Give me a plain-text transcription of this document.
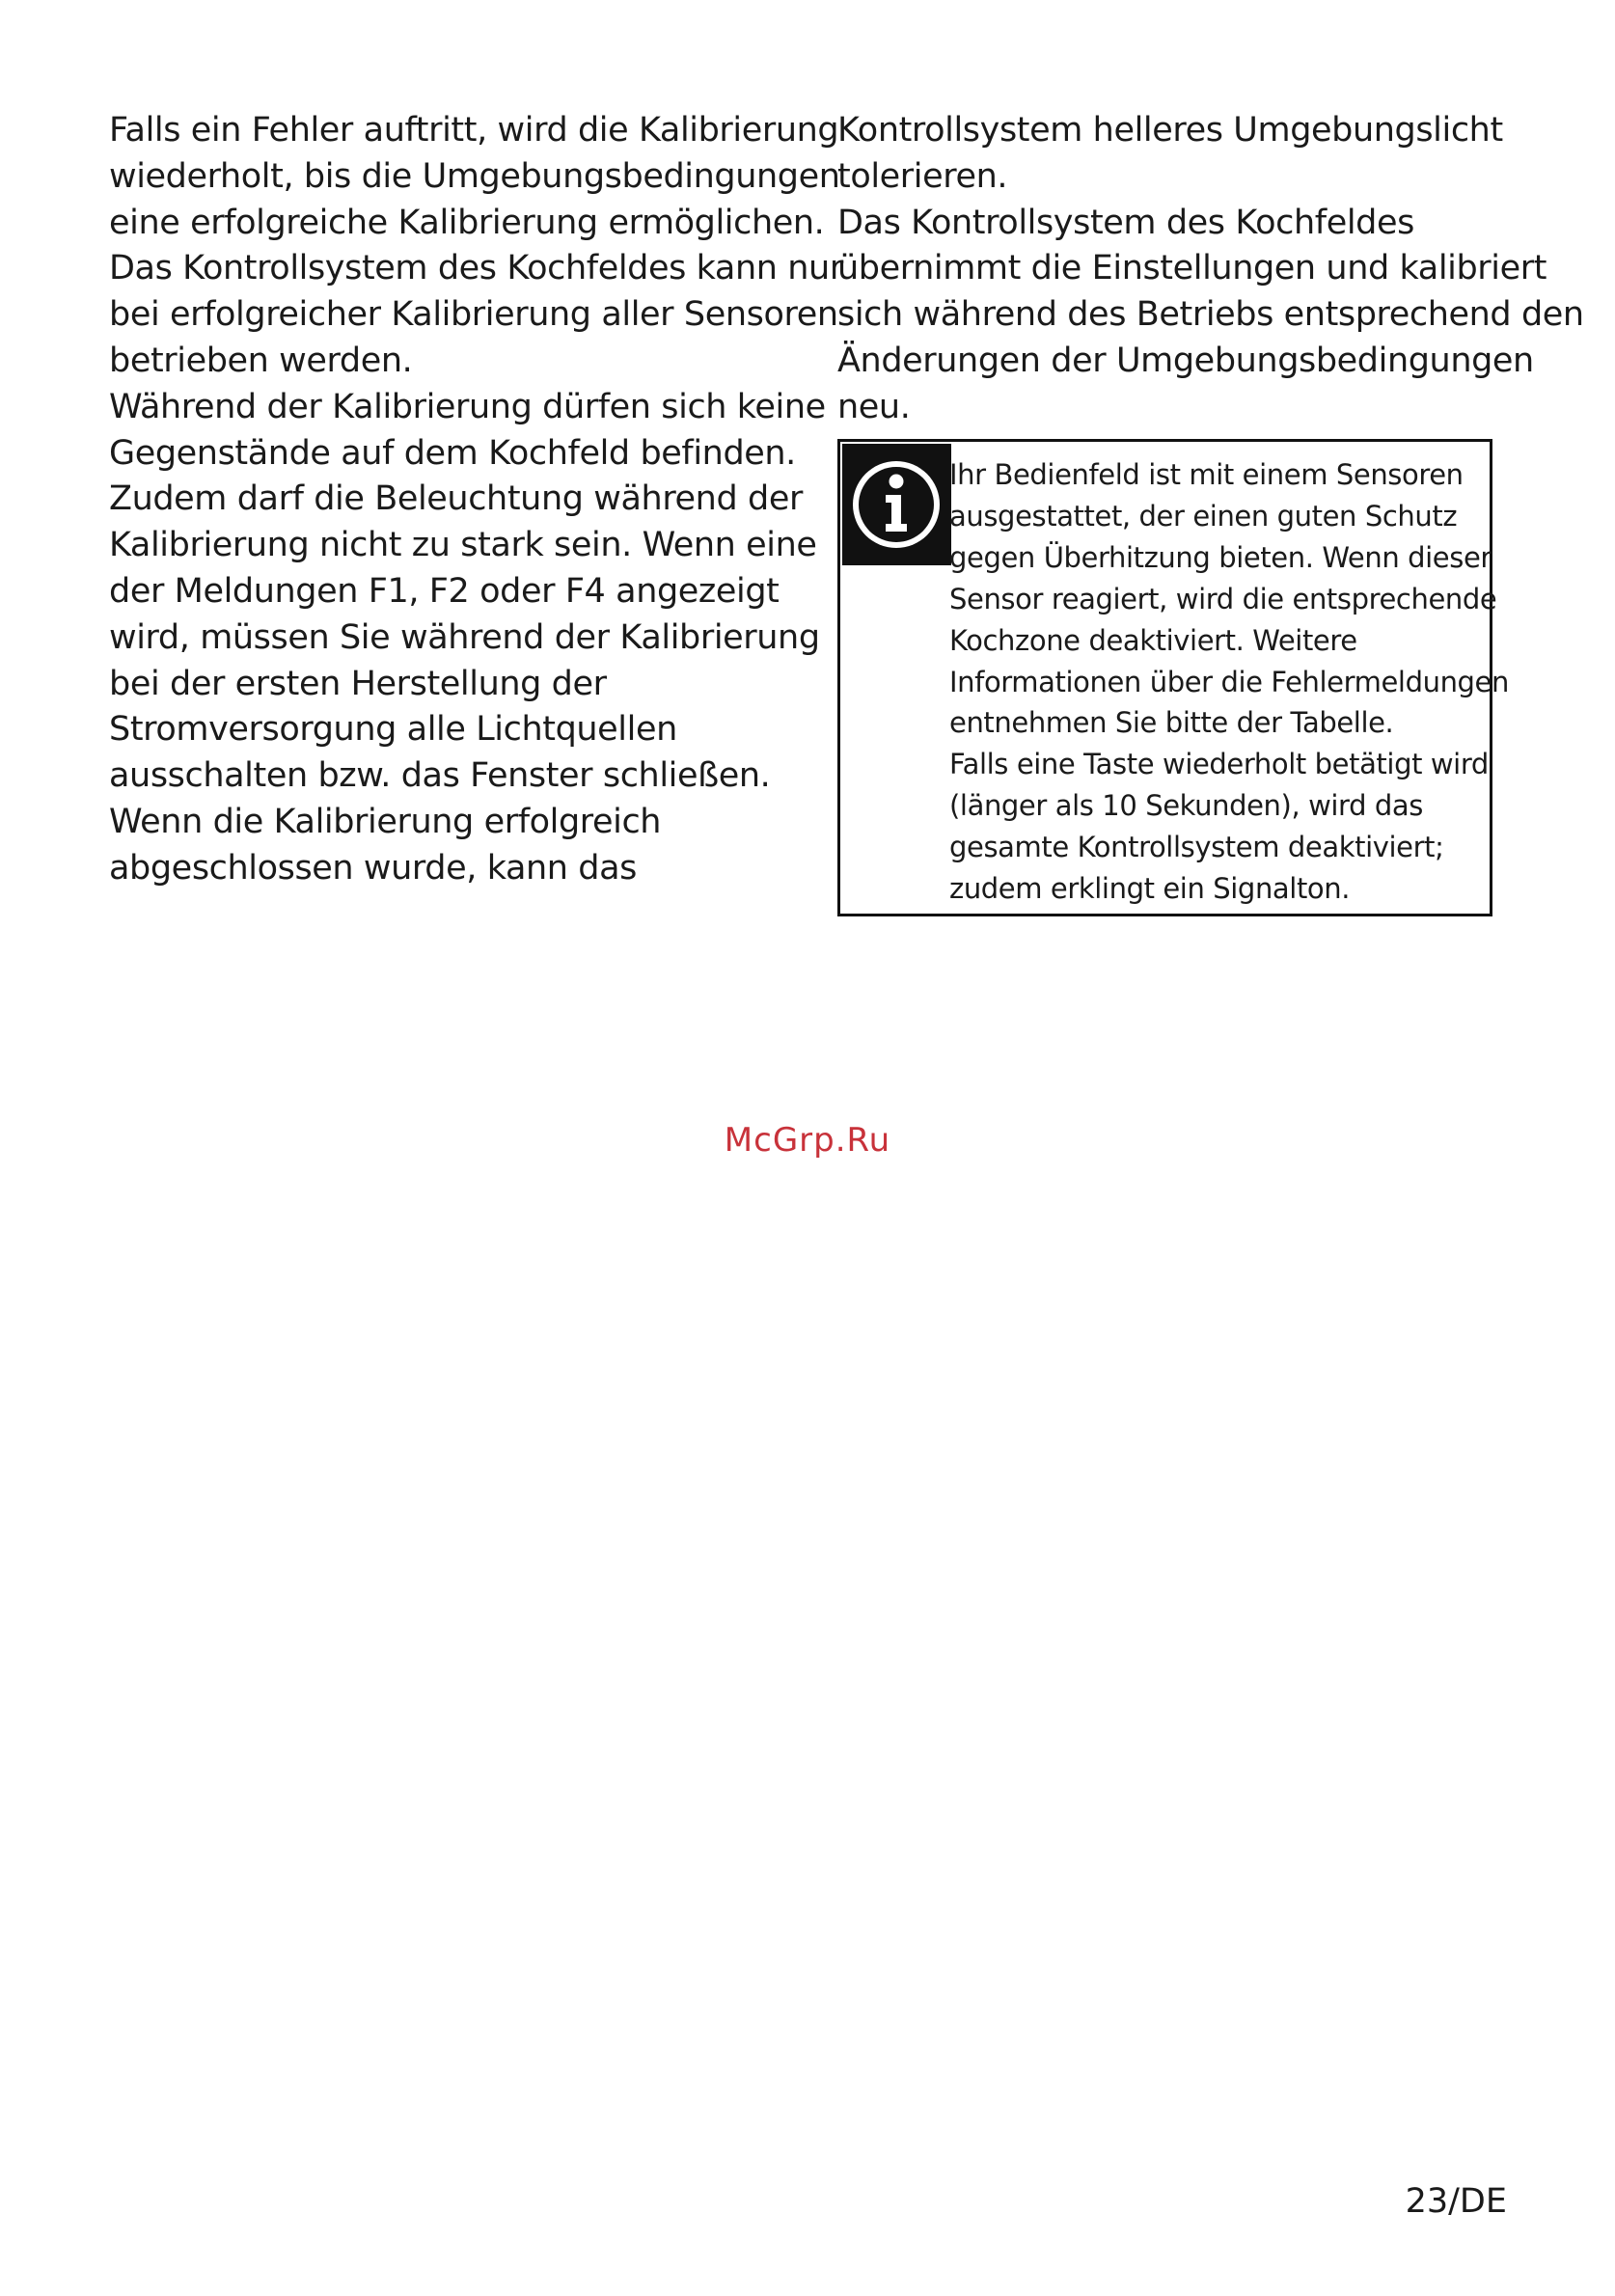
Falls ein Fehler auftritt, wird die Kalibrierung
wiederholt, bis die Umgebungsbedingungen
eine erfolgreiche Kalibrierung ermöglichen.
Das Kontrollsystem des Kochfeldes kann nur
bei erfolgreicher Kalibrierung aller Sensoren
betrieben werden.
Während der Kalibrierung dürfen sich keine
Gegenstände auf dem Kochfeld befinden.
Zudem darf die Beleuchtung während der
Kalibrierung nicht zu stark sein. Wenn eine
der Meldungen F1, F2 oder F4 angezeigt
wird, müssen Sie während der Kalibrierung
bei der ersten Herstellung der
Stromversorgung alle Lichtquellen
ausschalten bzw. das Fenster schließen.
Wenn die Kalibrierung erfolgreich
abgeschlossen wurde, kann das
Kontrollsystem helleres Umgebungslicht
tolerieren.
Das Kontrollsystem des Kochfeldes
übernimmt die Einstellungen und kalibriert
sich während des Betriebs entsprechend den
Änderungen der Umgebungsbedingungen
neu.
Ihr Bedienfeld ist mit einem Sensoren
ausgestattet, der einen guten Schutz
gegen Überhitzung bieten. Wenn dieser
Sensor reagiert, wird die entsprechende
Kochzone deaktiviert. Weitere
Informationen über die Fehlermeldungen
entnehmen Sie bitte der Tabelle.
Falls eine Taste wiederholt betätigt wird
(länger als 10 Sekunden), wird das
gesamte Kontrollsystem deaktiviert;
zudem erklingt ein Signalton.
McGrp.Ru
23/DE
